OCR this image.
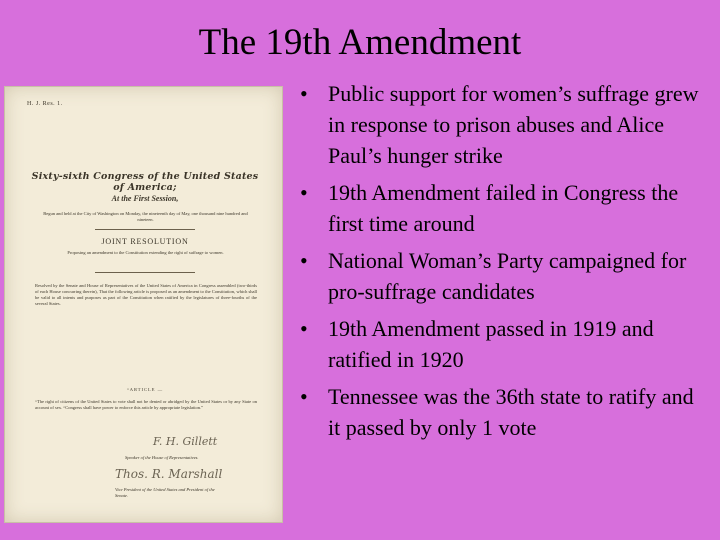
The 19th Amendment
H. J. Res. 1.
Sixty-sixth Congress of the United States of America;
At the First Session,
Begun and held at the City of Washington on Monday, the nineteenth day of May, one thousand nine hundred and nineteen.
JOINT RESOLUTION
Proposing an amendment to the Constitution extending the right of suffrage to women.
Resolved by the Senate and House of Representatives of the United States of America in Congress assembled (two-thirds of each House concurring therein), That the following article is proposed as an amendment to the Constitution, which shall be valid to all intents and purposes as part of the Constitution when ratified by the legislatures of three-fourths of the several States.
“ARTICLE —
“The right of citizens of the United States to vote shall not be denied or abridged by the United States or by any State on account of sex. “Congress shall have power to enforce this article by appropriate legislation.”
F. H. Gillett
Speaker of the House of Representatives.
Thos. R. Marshall
Vice President of the United States and President of the Senate.
• Public support for women’s suffrage grew in response to prison abuses and Alice Paul’s hunger strike
• 19th Amendment failed in Congress the first time around
• National Woman’s Party campaigned for pro-suffrage candidates
• 19th Amendment passed in 1919 and ratified in 1920
• Tennessee was the 36th state to ratify and it passed by only 1 vote
